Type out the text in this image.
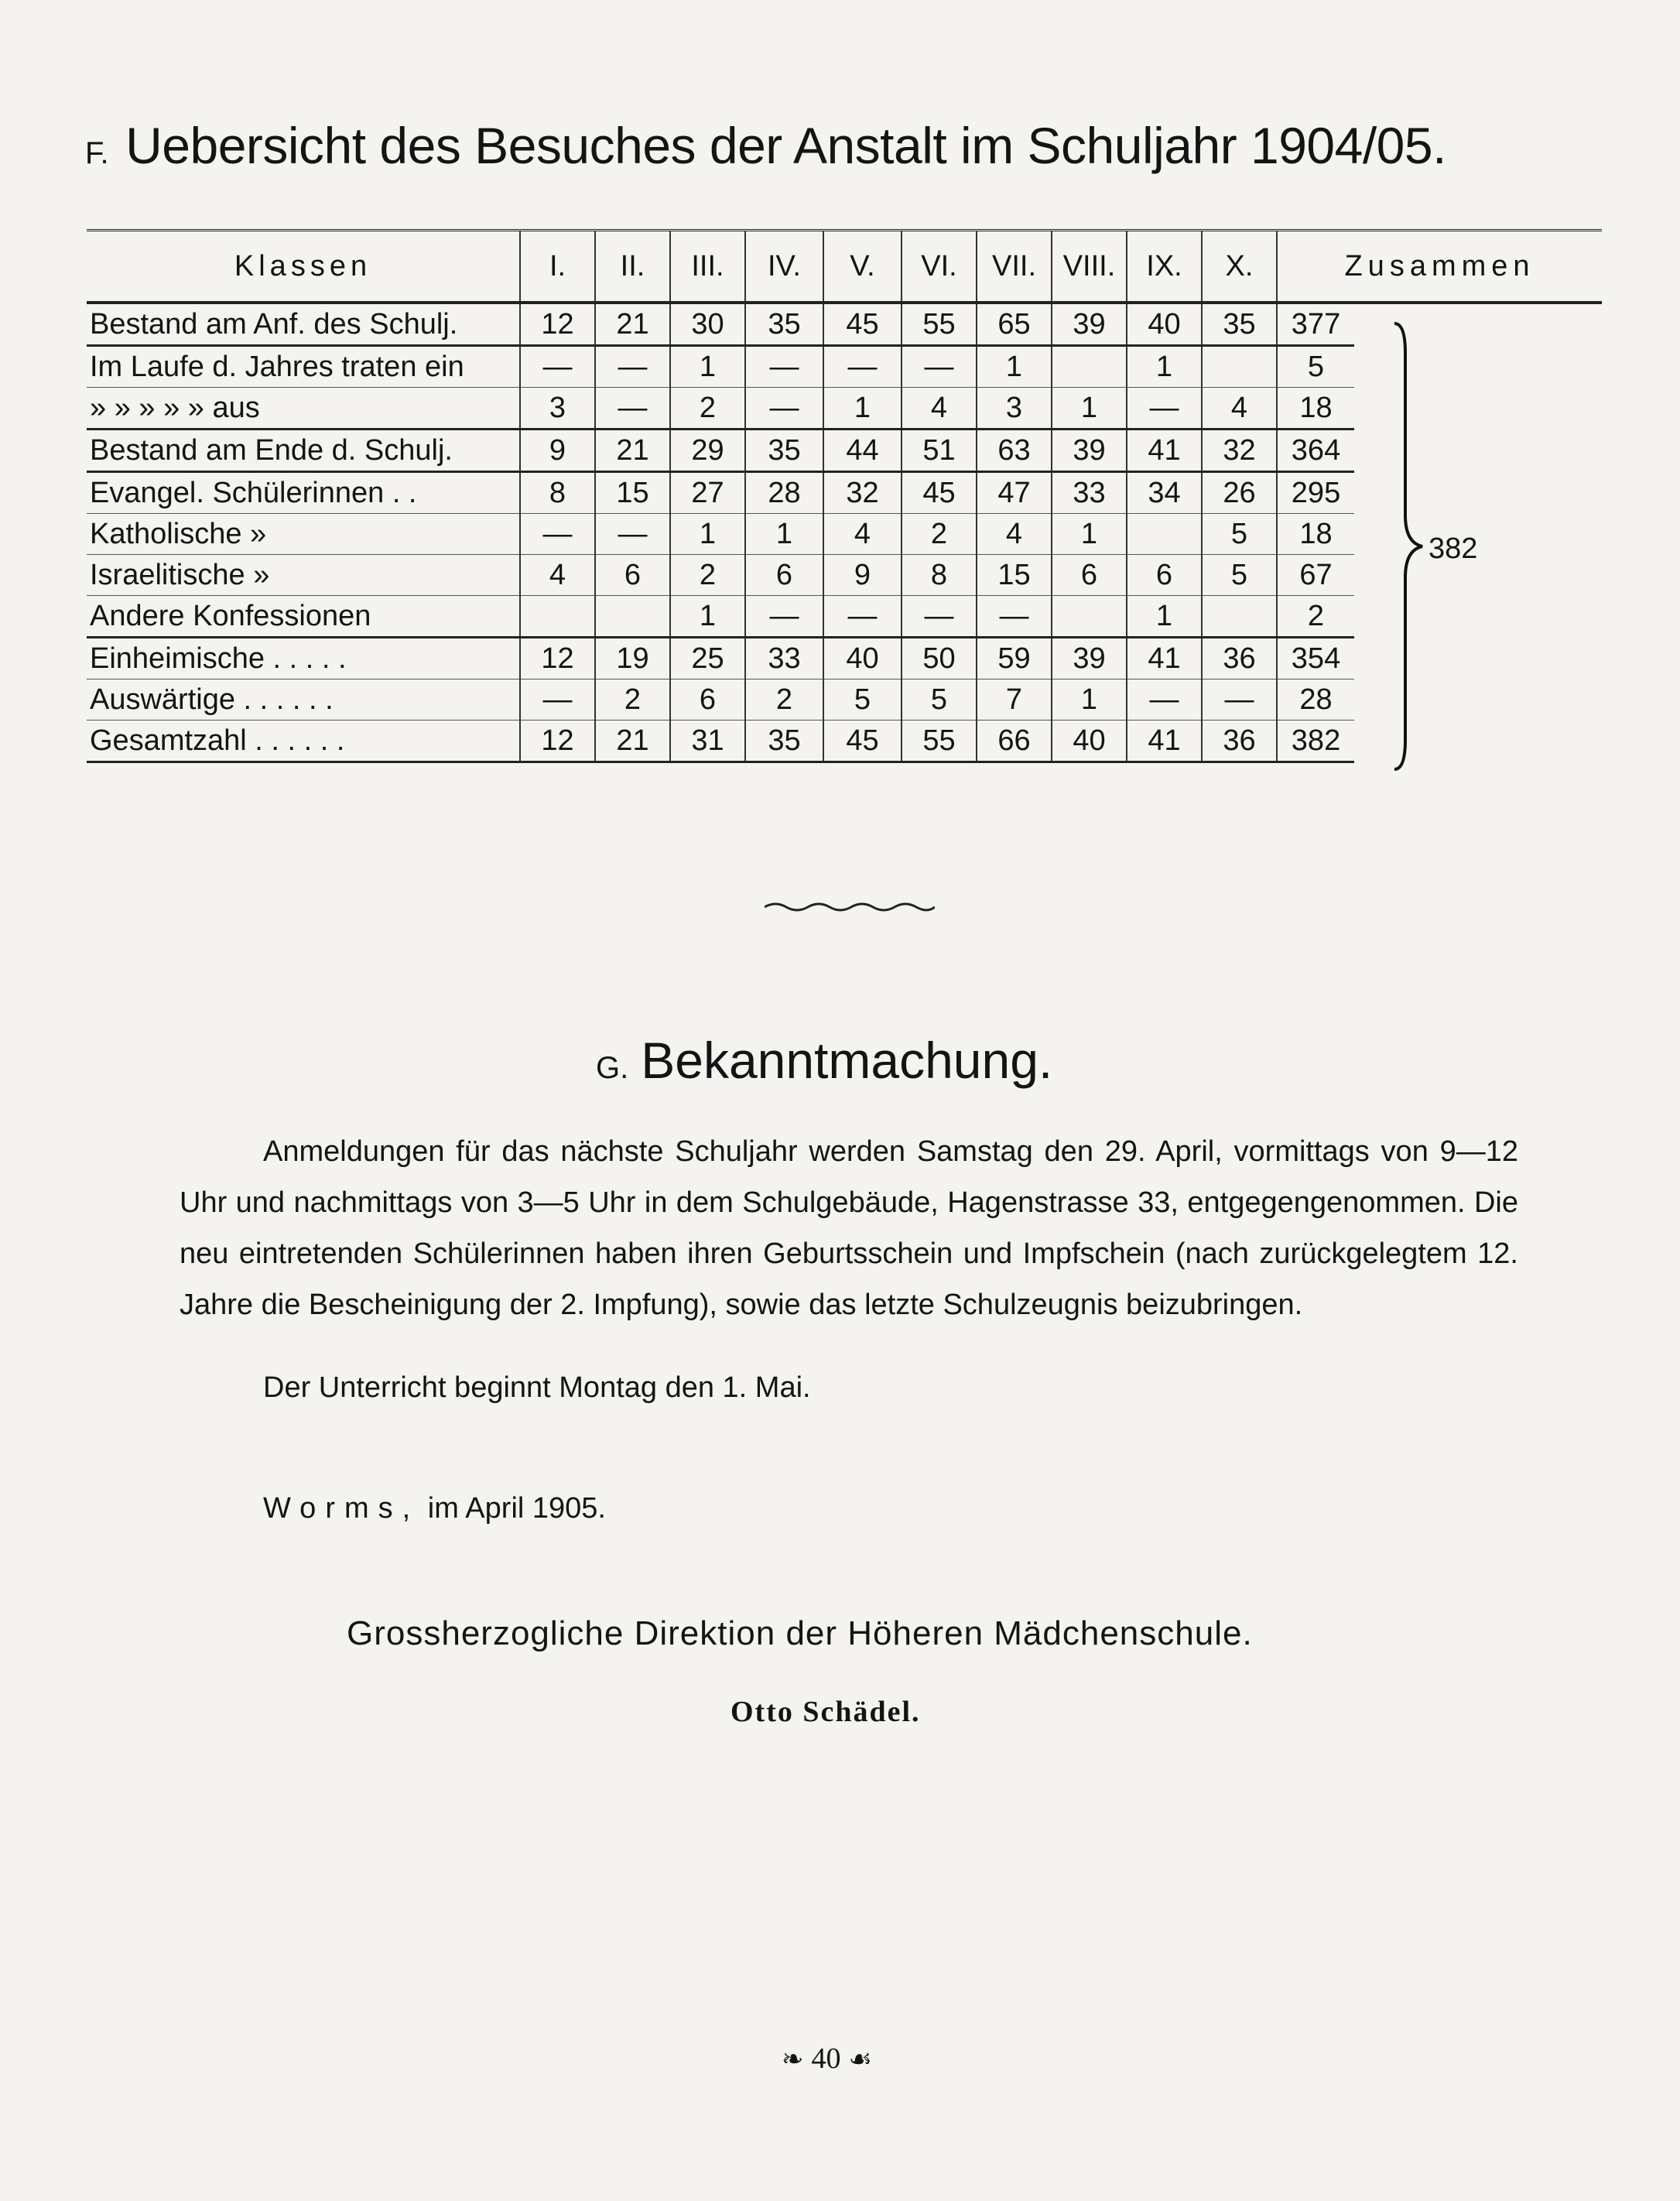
F. Uebersicht des Besuches der Anstalt im Schuljahr 1904/05.
Klassen	I.	II.	III.	IV.	V.	VI.	VII.	VIII.	IX.	X.	Zusammen	
Bestand am Anf. des Schulj.	12	21	30	35	45	55	65	39	40	35	377	
Im Laufe d. Jahres traten ein	—	—	1	—	—	—	1		1		5	
» » » » » aus	3	—	2	—	1	4	3	1	—	4	18	
Bestand am Ende d. Schulj.	9	21	29	35	44	51	63	39	41	32	364	
Evangel. Schülerinnen . .	8	15	27	28	32	45	47	33	34	26	295	
Katholische »	—	—	1	1	4	2	4	1		5	18	
Israelitische »	4	6	2	6	9	8	15	6	6	5	67	
Andere Konfessionen			1	—	—	—	—		1		2	
Einheimische . . . . .	12	19	25	33	40	50	59	39	41	36	354	
Auswärtige . . . . . .	—	2	6	2	5	5	7	1	—	—	28	
Gesamtzahl . . . . . .	12	21	31	35	45	55	66	40	41	36	382	
382
G. Bekanntmachung.

Anmeldungen für das nächste Schuljahr werden Samstag den 29. April, vormittags von 9—12 Uhr und nachmittags von 3—5 Uhr in dem Schulgebäude, Hagenstrasse 33, entgegengenommen. Die neu eintretenden Schülerinnen haben ihren Geburtsschein und Impfschein (nach zurückgelegtem 12. Jahre die Bescheinigung der 2. Impfung), sowie das letzte Schulzeugnis beizubringen.

Der Unterricht beginnt Montag den 1. Mai.
Worms, im April 1905.
Grossherzogliche Direktion der Höheren Mädchenschule.
Otto Schädel.
❧ 40 ☙
